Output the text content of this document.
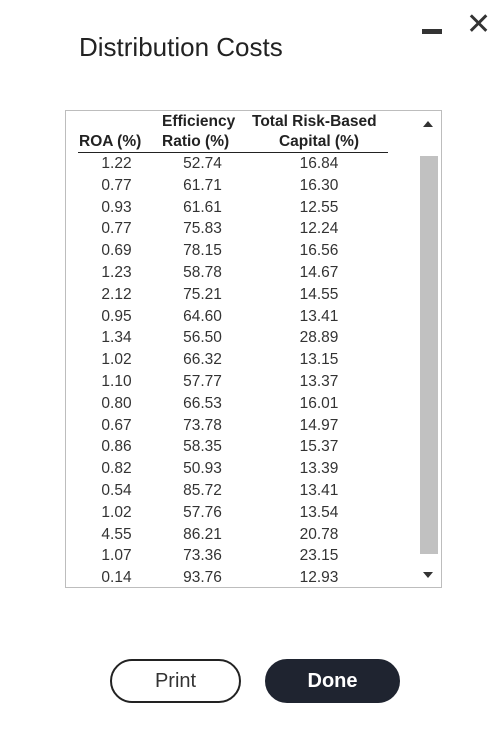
✕
Distribution Costs
	Efficiency	Total Risk-Based
ROA (%)	Ratio (%)	Capital (%)
1.22	52.74	16.84
0.77	61.71	16.30
0.93	61.61	12.55
0.77	75.83	12.24
0.69	78.15	16.56
1.23	58.78	14.67
2.12	75.21	14.55
0.95	64.60	13.41
1.34	56.50	28.89
1.02	66.32	13.15
1.10	57.77	13.37
0.80	66.53	16.01
0.67	73.78	14.97
0.86	58.35	15.37
0.82	50.93	13.39
0.54	85.72	13.41
1.02	57.76	13.54
4.55	86.21	20.78
1.07	73.36	23.15
0.14	93.76	12.93
Print	Done
